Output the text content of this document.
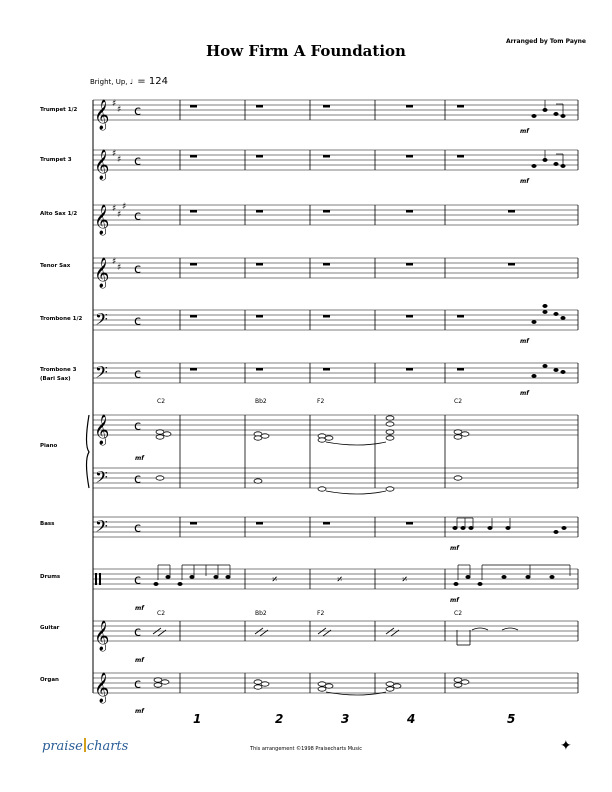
How Firm A Foundation
Arranged by Tom Payne
Bright, Up, ♩ = 124
Trumpet 1/2
Trumpet 3
Alto Sax 1/2
Tenor Sax
Trombone 1/2
Trombone 3
(Bari Sax)
Piano
Bass
Drums
Guitar
Organ
C2	Bb2	F2	C2
C2	Bb2	F2	C2
1	2	3	4	5
𝄞
𝄞
𝄞
𝄞
𝄞
𝄞
𝄞
𝄢
𝄢
𝄢
𝄢
♯
♯
♯
♯
♯
♯
♯
♯
♯
c
c
c
c
c
c
c
c
c
c
c
c
𝄎	𝄎	𝄎
mf
mf
mf
mf
mf
mf
mf
mf
mf
mf
praise charts	This arrangement ©1998 Praisecharts Music	✦
